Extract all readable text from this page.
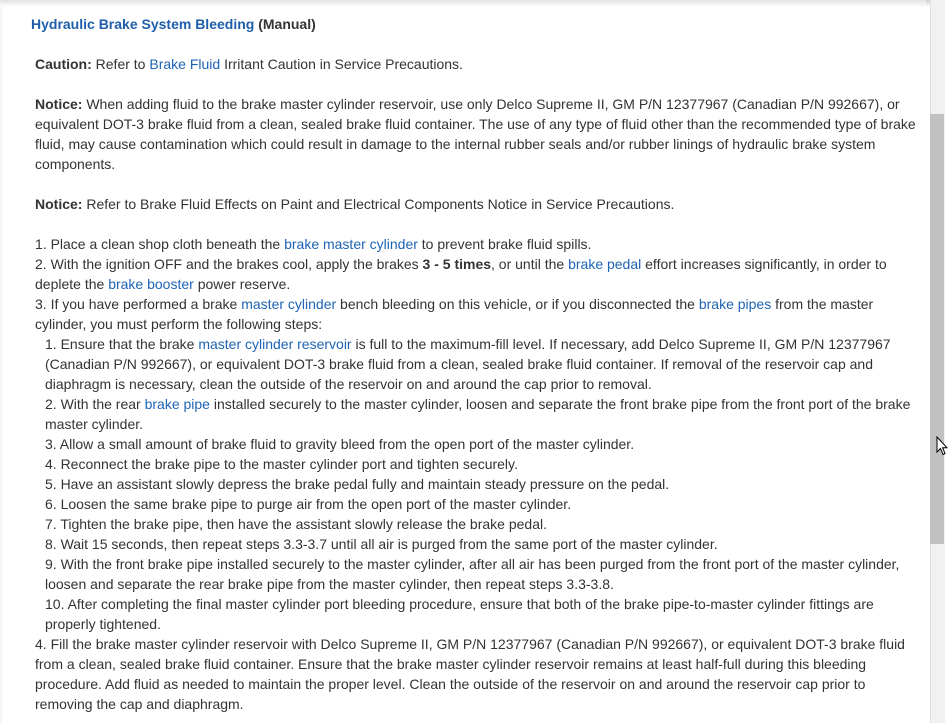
Hydraulic Brake System Bleeding (Manual)

Caution: Refer to Brake Fluid Irritant Caution in Service Precautions.

Notice: When adding fluid to the brake master cylinder reservoir, use only Delco Supreme II, GM P/N 12377967 (Canadian P/N 992667), or equivalent DOT-3 brake fluid from a clean, sealed brake fluid container. The use of any type of fluid other than the recommended type of brake fluid, may cause contamination which could result in damage to the internal rubber seals and/or rubber linings of hydraulic brake system components.

Notice: Refer to Brake Fluid Effects on Paint and Electrical Components Notice in Service Precautions.

1. Place a clean shop cloth beneath the brake master cylinder to prevent brake fluid spills.

2. With the ignition OFF and the brakes cool, apply the brakes 3 - 5 times, or until the brake pedal effort increases significantly, in order to deplete the brake booster power reserve.

3. If you have performed a brake master cylinder bench bleeding on this vehicle, or if you disconnected the brake pipes from the master cylinder, you must perform the following steps:

1. Ensure that the brake master cylinder reservoir is full to the maximum-fill level. If necessary, add Delco Supreme II, GM P/N 12377967 (Canadian P/N 992667), or equivalent DOT-3 brake fluid from a clean, sealed brake fluid container. If removal of the reservoir cap and diaphragm is necessary, clean the outside of the reservoir on and around the cap prior to removal.

2. With the rear brake pipe installed securely to the master cylinder, loosen and separate the front brake pipe from the front port of the brake master cylinder.

3. Allow a small amount of brake fluid to gravity bleed from the open port of the master cylinder.

4. Reconnect the brake pipe to the master cylinder port and tighten securely.

5. Have an assistant slowly depress the brake pedal fully and maintain steady pressure on the pedal.

6. Loosen the same brake pipe to purge air from the open port of the master cylinder.

7. Tighten the brake pipe, then have the assistant slowly release the brake pedal.

8. Wait 15 seconds, then repeat steps 3.3-3.7 until all air is purged from the same port of the master cylinder.

9. With the front brake pipe installed securely to the master cylinder, after all air has been purged from the front port of the master cylinder, loosen and separate the rear brake pipe from the master cylinder, then repeat steps 3.3-3.8.

10. After completing the final master cylinder port bleeding procedure, ensure that both of the brake pipe-to-master cylinder fittings are properly tightened.

4. Fill the brake master cylinder reservoir with Delco Supreme II, GM P/N 12377967 (Canadian P/N 992667), or equivalent DOT-3 brake fluid from a clean, sealed brake fluid container. Ensure that the brake master cylinder reservoir remains at least half-full during this bleeding procedure. Add fluid as needed to maintain the proper level. Clean the outside of the reservoir on and around the reservoir cap prior to removing the cap and diaphragm.
